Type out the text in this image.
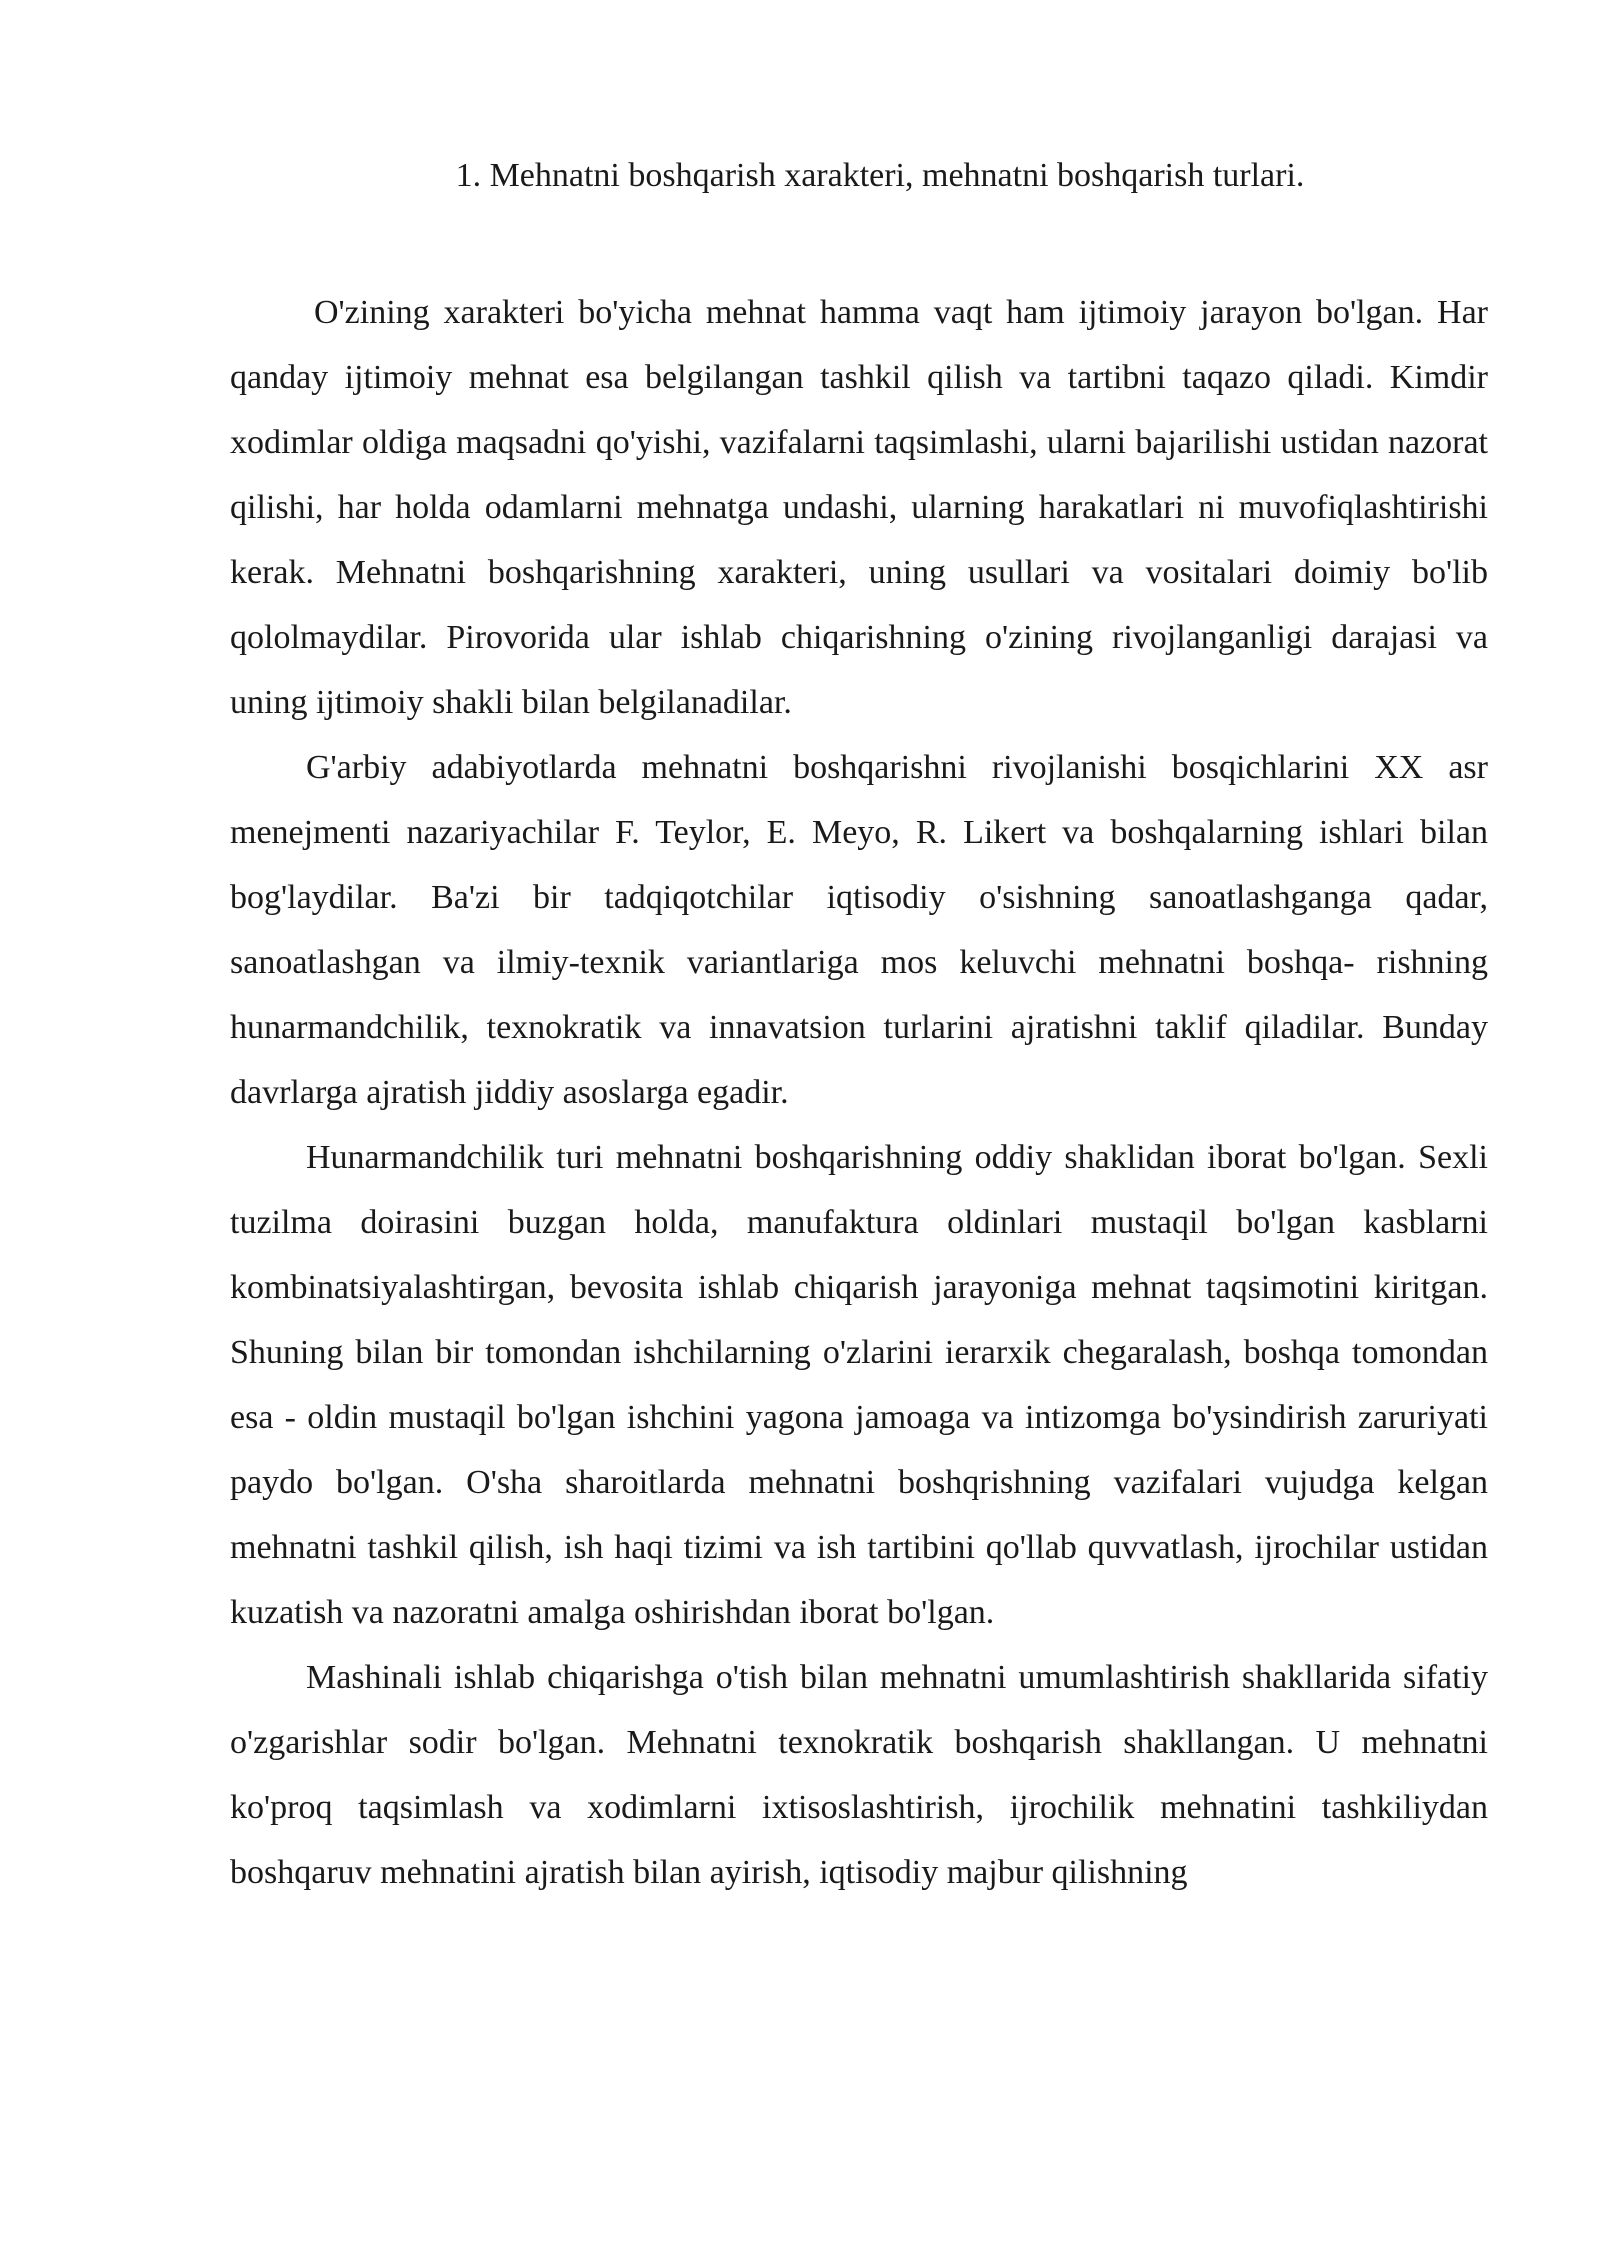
1. Mehnatni boshqarish xarakteri, mehnatni boshqarish turlari.

O'zining xarakteri bo'yicha mehnat hamma vaqt ham ijtimoiy jarayon bo'lgan. Har qanday ijtimoiy mehnat esa belgilangan tashkil qilish va tartibni taqazo qiladi. Kimdir xodimlar oldiga maqsadni qo'yishi, vazifalarni taqsimlashi, ularni bajarilishi ustidan nazorat qilishi, har holda odamlarni mehnatga undashi, ularning harakatlari ni muvofiqlashtirishi kerak. Mehnatni boshqarishning xarakteri, uning usullari va vositalari doimiy bo'lib qololmaydilar. Pirovorida ular ishlab chiqarishning o'zining rivojlanganligi darajasi va uning ijtimoiy shakli bilan belgilanadilar.

G'arbiy adabiyotlarda mehnatni boshqarishni rivojlanishi bosqichlarini XX asr menejmenti nazariyachilar F. Teylor, E. Meyo, R. Likert va boshqalarning ishlari bilan bog'laydilar. Ba'zi bir tadqiqotchilar iqtisodiy o'sishning sanoatlashganga qadar, sanoatlashgan va ilmiy-texnik variantlariga mos keluvchi mehnatni boshqa- rishning hunarmandchilik, texnokratik va innavatsion turlarini ajratishni taklif qiladilar. Bunday davrlarga ajratish jiddiy asoslarga egadir.

Hunarmandchilik turi mehnatni boshqarishning oddiy shaklidan iborat bo'lgan. Sexli tuzilma doirasini buzgan holda, manufaktura oldinlari mustaqil bo'lgan kasblarni kombinatsiyalashtirgan, bevosita ishlab chiqarish jarayoniga mehnat taqsimotini kiritgan. Shuning bilan bir tomondan ishchilarning o'zlarini ierarxik chegaralash, boshqa tomondan esa - oldin mustaqil bo'lgan ishchini yagona jamoaga va intizomga bo'ysindirish zaruriyati paydo bo'lgan. O'sha sharoitlarda mehnatni boshqrishning vazifalari vujudga kelgan mehnatni tashkil qilish, ish haqi tizimi va ish tartibini qo'llab quvvatlash, ijrochilar ustidan kuzatish va nazoratni amalga oshirishdan iborat bo'lgan.

Mashinali ishlab chiqarishga o'tish bilan mehnatni umumlashtirish shakllarida sifatiy o'zgarishlar sodir bo'lgan. Mehnatni texnokratik boshqarish shakllangan. U mehnatni ko'proq taqsimlash va xodimlarni ixtisoslashtirish, ijrochilik mehnatini tashkiliydan boshqaruv mehnatini ajratish bilan ayirish, iqtisodiy majbur qilishning
